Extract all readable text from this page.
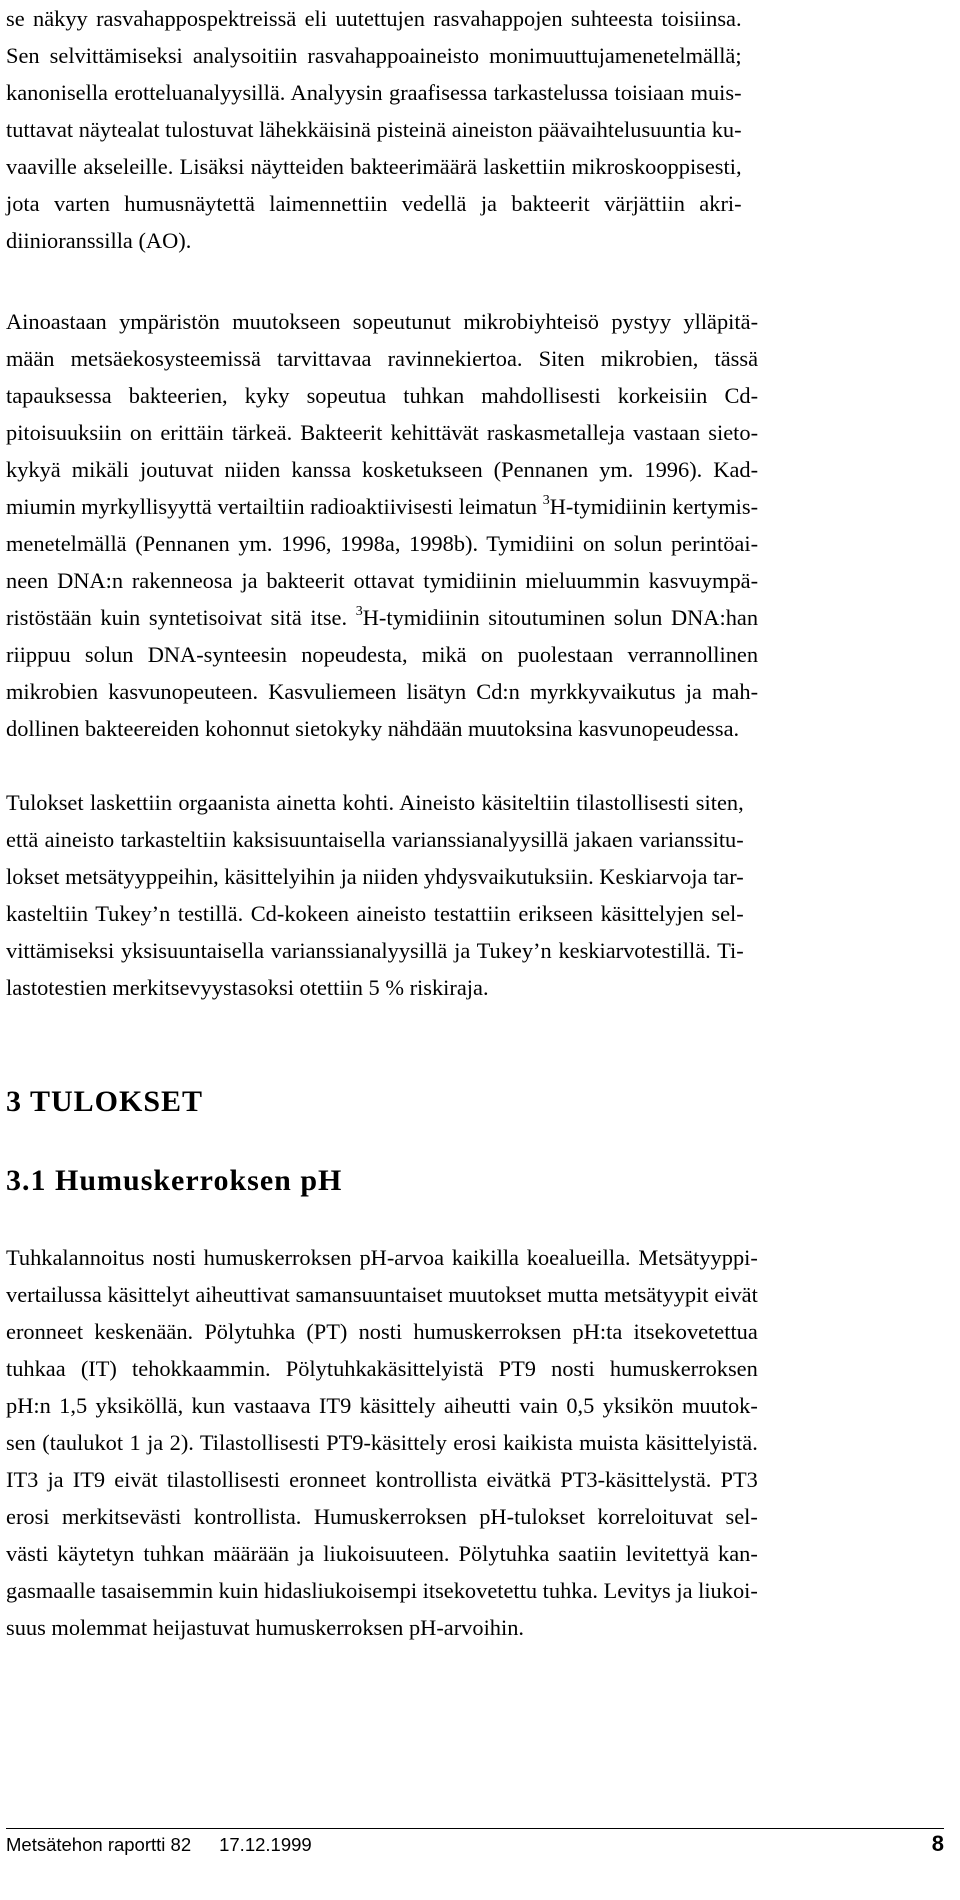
se näkyy rasvahappospektreissä eli uutettujen rasvahappojen suhteesta toisiinsa.
Sen selvittämiseksi analysoitiin rasvahappoaineisto monimuuttujamenetelmällä;
kanonisella erotteluanalyysillä. Analyysin graafisessa tarkastelussa toisiaan muis-
tuttavat näytealat tulostuvat lähekkäisinä pisteinä aineiston päävaihtelusuuntia ku-
vaaville akseleille. Lisäksi näytteiden bakteerimäärä laskettiin mikroskooppisesti,
jota varten humusnäytettä laimennettiin vedellä ja bakteerit värjättiin akri-
diinioranssilla (AO).

Ainoastaan ympäristön muutokseen sopeutunut mikrobiyhteisö pystyy ylläpitä-
mään metsäekosysteemissä tarvittavaa ravinnekiertoa. Siten mikrobien, tässä
tapauksessa bakteerien, kyky sopeutua tuhkan mahdollisesti korkeisiin Cd-
pitoisuuksiin on erittäin tärkeä. Bakteerit kehittävät raskasmetalleja vastaan sieto-
kykyä mikäli joutuvat niiden kanssa kosketukseen (Pennanen ym. 1996). Kad-
miumin myrkyllisyyttä vertailtiin radioaktiivisesti leimatun $^3$H-tymidiinin kertymis-
menetelmällä (Pennanen ym. 1996, 1998a, 1998b). Tymidiini on solun perintöai-
neen DNA:n rakenneosa ja bakteerit ottavat tymidiinin mieluummin kasvuympä-
ristöstään kuin syntetisoivat sitä itse. $^3$H-tymidiinin sitoutuminen solun DNA:han
riippuu solun DNA-synteesin nopeudesta, mikä on puolestaan verrannollinen
mikrobien kasvunopeuteen. Kasvuliemeen lisätyn Cd:n myrkkyvaikutus ja mah-
dollinen bakteereiden kohonnut sietokyky nähdään muutoksina kasvunopeudessa.

Tulokset laskettiin orgaanista ainetta kohti. Aineisto käsiteltiin tilastollisesti siten,
että aineisto tarkasteltiin kaksisuuntaisella varianssianalyysillä jakaen varianssitu-
lokset metsätyyppeihin, käsittelyihin ja niiden yhdysvaikutuksiin. Keskiarvoja tar-
kasteltiin Tukey’n testillä. Cd-kokeen aineisto testattiin erikseen käsittelyjen sel-
vittämiseksi yksisuuntaisella varianssianalyysillä ja Tukey’n keskiarvotestillä. Ti-
lastotestien merkitsevyystasoksi otettiin 5 % riskiraja.

3 TULOKSET
3.1 Humuskerroksen pH

Tuhkalannoitus nosti humuskerroksen pH-arvoa kaikilla koealueilla. Metsätyyppi-
vertailussa käsittelyt aiheuttivat samansuuntaiset muutokset mutta metsätyypit eivät
eronneet keskenään. Pölytuhka (PT) nosti humuskerroksen pH:ta itsekovetettua
tuhkaa (IT) tehokkaammin. Pölytuhkakäsittelyistä PT9 nosti humuskerroksen
pH:n 1,5 yksiköllä, kun vastaava IT9 käsittely aiheutti vain 0,5 yksikön muutok-
sen (taulukot 1 ja 2). Tilastollisesti PT9-käsittely erosi kaikista muista käsittelyistä.
IT3 ja IT9 eivät tilastollisesti eronneet kontrollista eivätkä PT3-käsittelystä. PT3
erosi merkitsevästi kontrollista. Humuskerroksen pH-tulokset korreloituvat sel-
västi käytetyn tuhkan määrään ja liukoisuuteen. Pölytuhka saatiin levitettyä kan-
gasmaalle tasaisemmin kuin hidasliukoisempi itsekovetettu tuhka. Levitys ja liukoi-
suus molemmat heijastuvat humuskerroksen pH-arvoihin.

Metsätehon raportti 82 17.12.1999	8
